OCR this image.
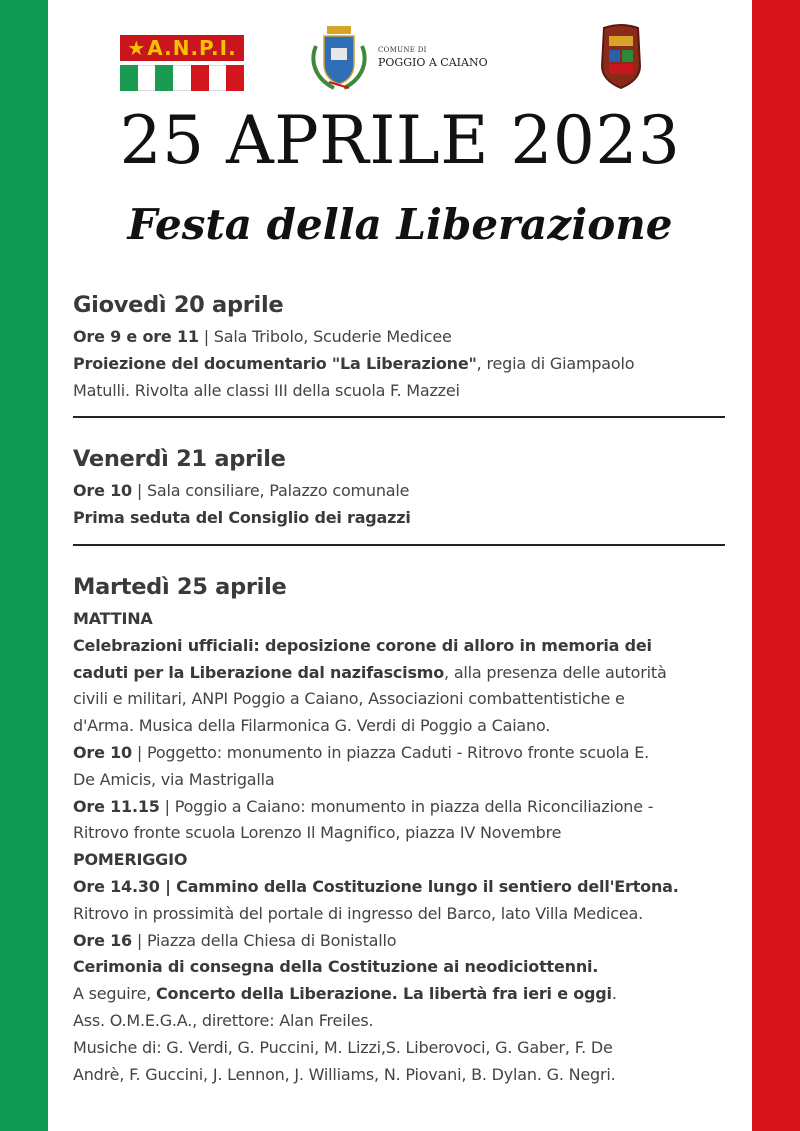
★ A.N.P.I.	COMUNE DI
POGGIO A CAIANO
25 APRILE 2023
Festa della Liberazione
Giovedì 20 aprile
Ore 9 e ore 11 | Sala Tribolo, Scuderie Medicee
Proiezione del documentario "La Liberazione", regia di Giampaolo
Matulli. Rivolta alle classi III della scuola F. Mazzei
Venerdì 21 aprile
Ore 10 | Sala consiliare, Palazzo comunale
Prima seduta del Consiglio dei ragazzi
Martedì 25 aprile
MATTINA
Celebrazioni ufficiali: deposizione corone di alloro in memoria dei
caduti per la Liberazione dal nazifascismo, alla presenza delle autorità
civili e militari, ANPI Poggio a Caiano, Associazioni combattentistiche e
d'Arma. Musica della Filarmonica G. Verdi di Poggio a Caiano.
Ore 10 | Poggetto: monumento in piazza Caduti - Ritrovo fronte scuola E.
De Amicis, via Mastrigalla
Ore 11.15 | Poggio a Caiano: monumento in piazza della Riconciliazione -
Ritrovo fronte scuola Lorenzo Il Magnifico, piazza IV Novembre
POMERIGGIO
Ore 14.30 | Cammino della Costituzione lungo il sentiero dell'Ertona.
Ritrovo in prossimità del portale di ingresso del Barco, lato Villa Medicea.
Ore 16 | Piazza della Chiesa di Bonistallo
Cerimonia di consegna della Costituzione ai neodiciottenni.
A seguire, Concerto della Liberazione. La libertà fra ieri e oggi.
Ass. O.M.E.G.A., direttore: Alan Freiles.
Musiche di: G. Verdi, G. Puccini, M. Lizzi,S. Liberovoci, G. Gaber, F. De
Andrè, F. Guccini, J. Lennon, J. Williams, N. Piovani, B. Dylan. G. Negri.
